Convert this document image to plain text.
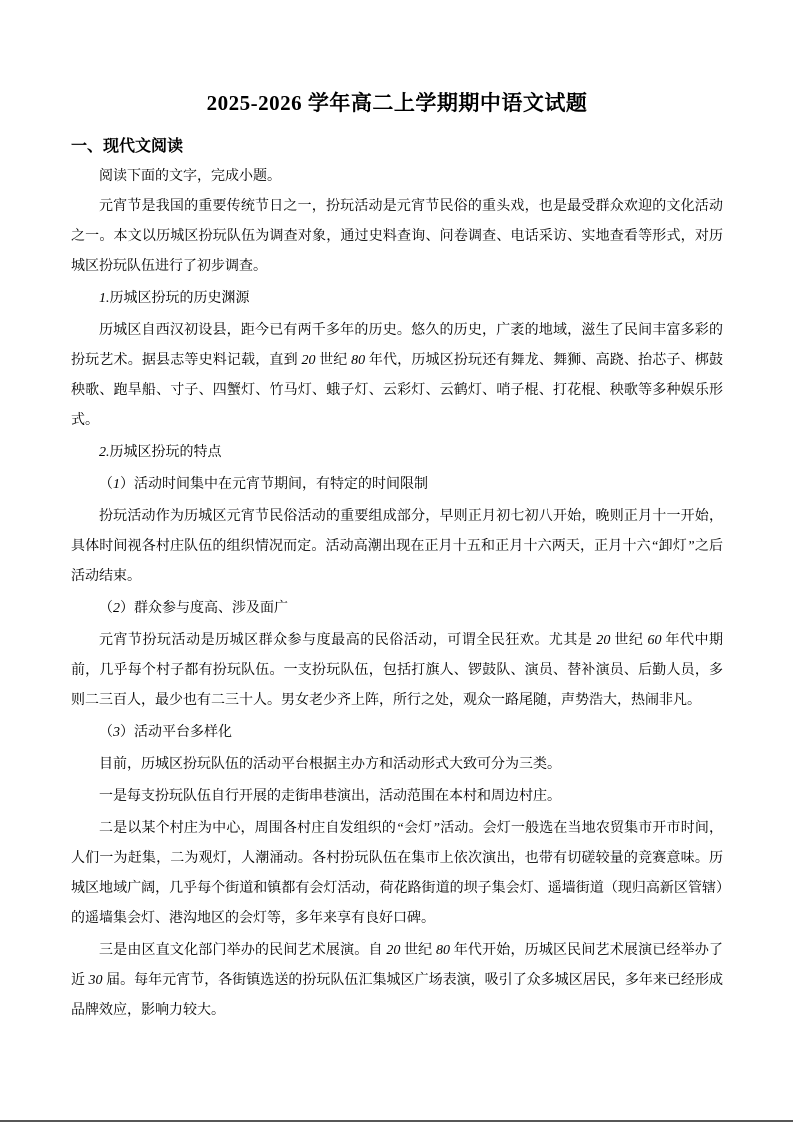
2025-2026 学年高二上学期期中语文试题
一、现代文阅读

阅读下面的文字，完成小题。

元宵节是我国的重要传统节日之一，扮玩活动是元宵节民俗的重头戏，也是最受群众欢迎的文化活动之一。本文以历城区扮玩队伍为调查对象，通过史料查询、问卷调查、电话采访、实地查看等形式，对历城区扮玩队伍进行了初步调查。

1.历城区扮玩的历史渊源

历城区自西汉初设县，距今已有两千多年的历史。悠久的历史，广袤的地域，滋生了民间丰富多彩的扮玩艺术。据县志等史料记载，直到 20 世纪 80 年代，历城区扮玩还有舞龙、舞狮、高跷、抬芯子、梆鼓秧歌、跑旱船、寸子、四蟹灯、竹马灯、蛾子灯、云彩灯、云鹤灯、哨子棍、打花棍、秧歌等多种娱乐形式。

2.历城区扮玩的特点

（1）活动时间集中在元宵节期间，有特定的时间限制

扮玩活动作为历城区元宵节民俗活动的重要组成部分，早则正月初七初八开始，晚则正月十一开始，具体时间视各村庄队伍的组织情况而定。活动高潮出现在正月十五和正月十六两天，正月十六“卸灯”之后活动结束。

（2）群众参与度高、涉及面广

元宵节扮玩活动是历城区群众参与度最高的民俗活动，可谓全民狂欢。尤其是 20 世纪 60 年代中期前，几乎每个村子都有扮玩队伍。一支扮玩队伍，包括打旗人、锣鼓队、演员、替补演员、后勤人员，多则二三百人，最少也有二三十人。男女老少齐上阵，所行之处，观众一路尾随，声势浩大，热闹非凡。

（3）活动平台多样化

目前，历城区扮玩队伍的活动平台根据主办方和活动形式大致可分为三类。

一是每支扮玩队伍自行开展的走街串巷演出，活动范围在本村和周边村庄。

二是以某个村庄为中心，周围各村庄自发组织的“会灯”活动。会灯一般选在当地农贸集市开市时间，人们一为赶集，二为观灯，人潮涌动。各村扮玩队伍在集市上依次演出，也带有切磋较量的竞赛意味。历城区地域广阔，几乎每个街道和镇都有会灯活动，荷花路街道的坝子集会灯、遥墙街道（现归高新区管辖）的遥墙集会灯、港沟地区的会灯等，多年来享有良好口碑。

三是由区直文化部门举办的民间艺术展演。自 20 世纪 80 年代开始，历城区民间艺术展演已经举办了近 30 届。每年元宵节，各街镇选送的扮玩队伍汇集城区广场表演，吸引了众多城区居民，多年来已经形成品牌效应，影响力较大。
